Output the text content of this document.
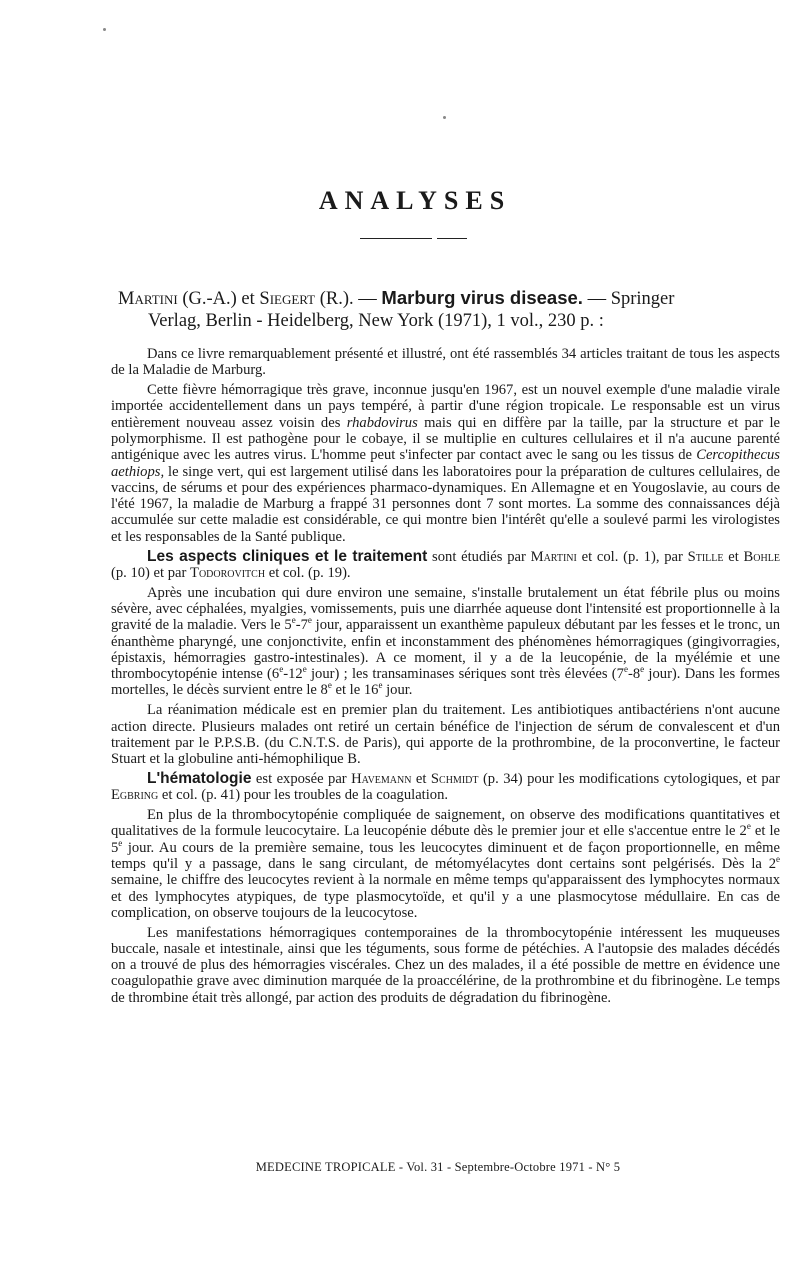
ANALYSES
Martini (G.-A.) et Siegert (R.). — Marburg virus disease. — Springer
Verlag, Berlin - Heidelberg, New York (1971), 1 vol., 230 p. :

Dans ce livre remarquablement présenté et illustré, ont été rassemblés 34 articles traitant de tous les aspects de la Maladie de Marburg.

Cette fièvre hémorragique très grave, inconnue jusqu'en 1967, est un nouvel exemple d'une maladie virale importée accidentellement dans un pays tempéré, à partir d'une région tropicale. Le responsable est un virus entièrement nouveau assez voisin des rhabdovirus mais qui en diffère par la taille, par la structure et par le polymorphisme. Il est pathogène pour le cobaye, il se multiplie en cultures cellulaires et il n'a aucune parenté antigénique avec les autres virus. L'homme peut s'infecter par contact avec le sang ou les tissus de Cercopithecus aethiops, le singe vert, qui est largement utilisé dans les laboratoires pour la préparation de cultures cellulaires, de vaccins, de sérums et pour des expériences pharmaco-dynamiques. En Allemagne et en Yougoslavie, au cours de l'été 1967, la maladie de Marburg a frappé 31 personnes dont 7 sont mortes. La somme des connaissances déjà accumulée sur cette maladie est considérable, ce qui montre bien l'intérêt qu'elle a soulevé parmi les virologistes et les responsables de la Santé publique.

Les aspects cliniques et le traitement sont étudiés par Martini et col. (p. 1), par Stille et Bohle (p. 10) et par Todorovitch et col. (p. 19).

Après une incubation qui dure environ une semaine, s'installe brutalement un état fébrile plus ou moins sévère, avec céphalées, myalgies, vomissements, puis une diarrhée aqueuse dont l'intensité est proportionnelle à la gravité de la maladie. Vers le 5e-7e jour, apparaissent un exanthème papuleux débutant par les fesses et le tronc, un énanthème pharyngé, une conjonctivite, enfin et inconstamment des phénomènes hémorragiques (gingivorragies, épistaxis, hémorragies gastro-intestinales). A ce moment, il y a de la leucopénie, de la myélémie et une thrombocytopénie intense (6e-12e jour) ; les transaminases sériques sont très élevées (7e-8e jour). Dans les formes mortelles, le décès survient entre le 8e et le 16e jour.

La réanimation médicale est en premier plan du traitement. Les antibiotiques antibactériens n'ont aucune action directe. Plusieurs malades ont retiré un certain bénéfice de l'injection de sérum de convalescent et d'un traitement par le P.P.S.B. (du C.N.T.S. de Paris), qui apporte de la prothrombine, de la proconvertine, le facteur Stuart et la globuline anti-hémophilique B.

L'hématologie est exposée par Havemann et Schmidt (p. 34) pour les modifications cytologiques, et par Egbring et col. (p. 41) pour les troubles de la coagulation.

En plus de la thrombocytopénie compliquée de saignement, on observe des modifications quantitatives et qualitatives de la formule leucocytaire. La leucopénie débute dès le premier jour et elle s'accentue entre le 2e et le 5e jour. Au cours de la première semaine, tous les leucocytes diminuent et de façon proportionnelle, en même temps qu'il y a passage, dans le sang circulant, de métomyélacytes dont certains sont pelgérisés. Dès la 2e semaine, le chiffre des leucocytes revient à la normale en même temps qu'apparaissent des lymphocytes normaux et des lymphocytes atypiques, de type plasmocytoïde, et qu'il y a une plasmocytose médullaire. En cas de complication, on observe toujours de la leucocytose.

Les manifestations hémorragiques contemporaines de la thrombocytopénie intéressent les muqueuses buccale, nasale et intestinale, ainsi que les téguments, sous forme de pétéchies. A l'autopsie des malades décédés on a trouvé de plus des hémorragies viscérales. Chez un des malades, il a été possible de mettre en évidence une coagulopathie grave avec diminution marquée de la proaccélérine, de la prothrombine et du fibrinogène. Le temps de thrombine était très allongé, par action des produits de dégradation du fibrinogène.

MEDECINE TROPICALE - Vol. 31 - Septembre-Octobre 1971 - N° 5
